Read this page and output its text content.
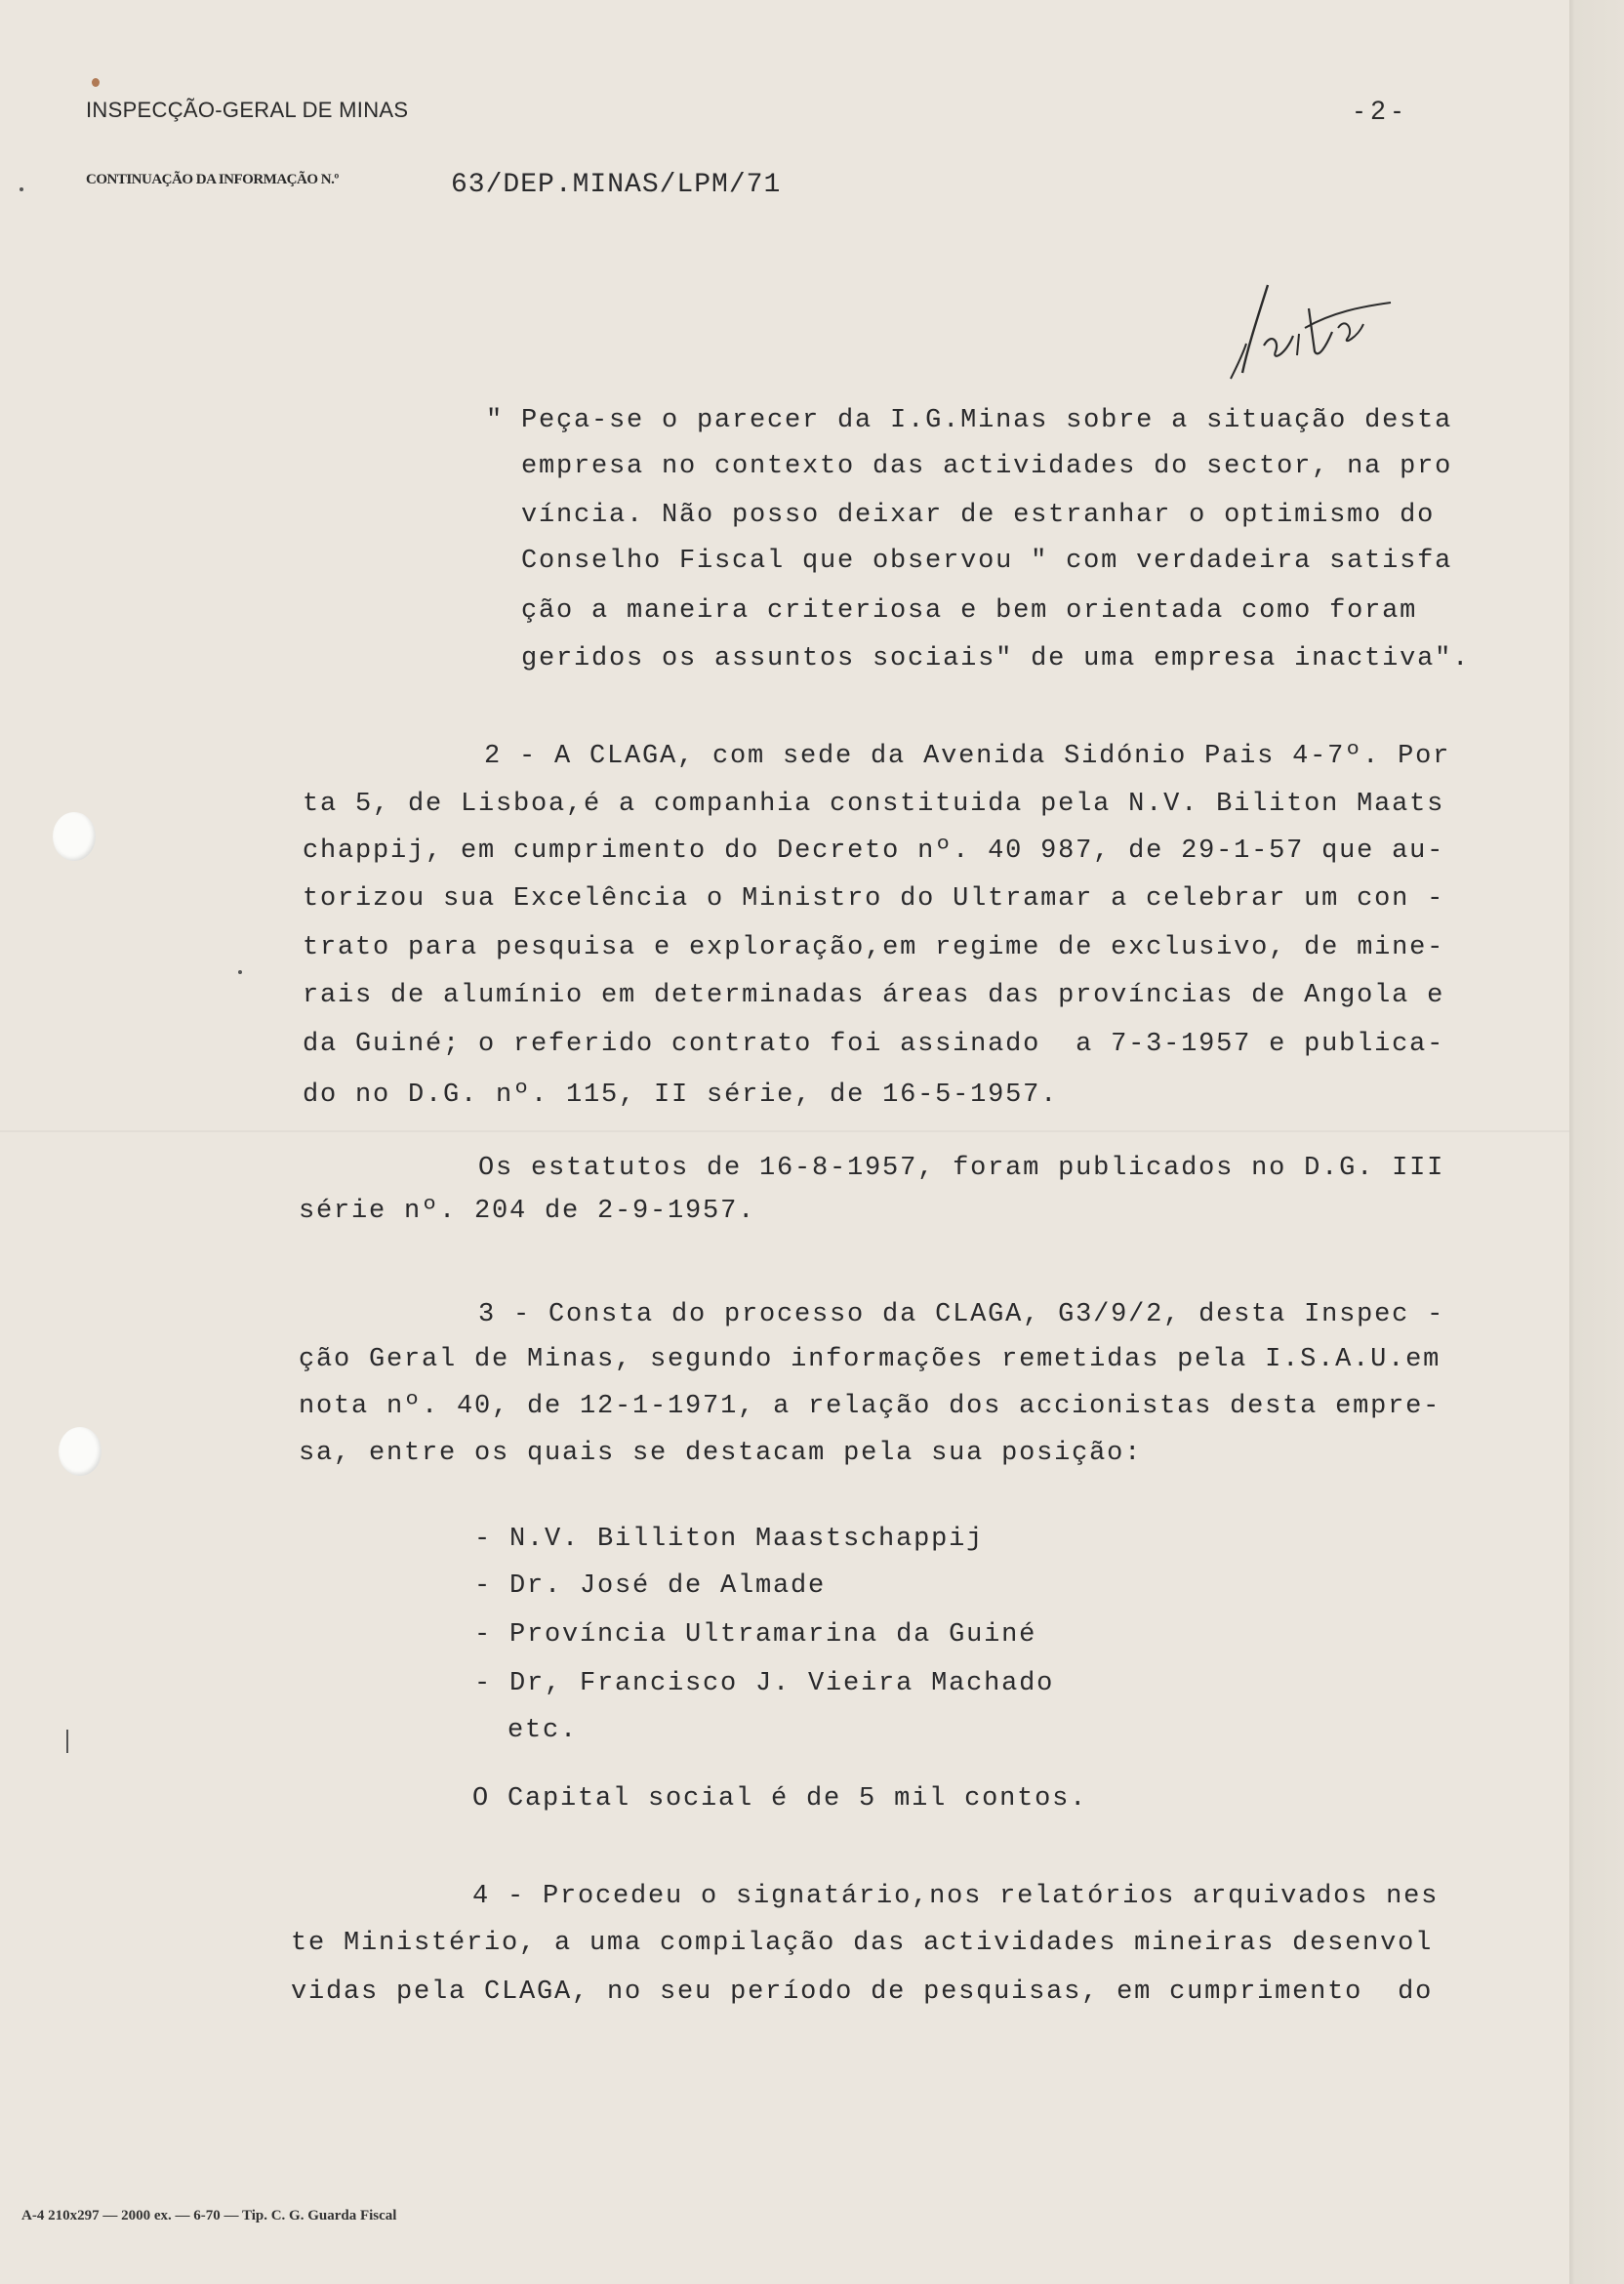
INSPECÇÃO-GERAL DE MINAS	- 2 -
CONTINUAÇÃO DA INFORMAÇÃO N.º	63/DEP.MINAS/LPM/71
" Peça-se o parecer da I.G.Minas sobre a situação desta
empresa no contexto das actividades do sector, na pro
víncia. Não posso deixar de estranhar o optimismo do
Conselho Fiscal que observou " com verdadeira satisfa
ção a maneira criteriosa e bem orientada como foram
geridos os assuntos sociais" de uma empresa inactiva".
2 - A CLAGA, com sede da Avenida Sidónio Pais 4-7º. Por
ta 5, de Lisboa,é a companhia constituida pela N.V. Biliton Maats
chappij, em cumprimento do Decreto nº. 40 987, de 29-1-57 que au-
torizou sua Excelência o Ministro do Ultramar a celebrar um con -
trato para pesquisa e exploração,em regime de exclusivo, de mine-
rais de alumínio em determinadas áreas das províncias de Angola e
da Guiné; o referido contrato foi assinado  a 7-3-1957 e publica-
do no D.G. nº. 115, II série, de 16-5-1957.
Os estatutos de 16-8-1957, foram publicados no D.G. III
série nº. 204 de 2-9-1957.
3 - Consta do processo da CLAGA, G3/9/2, desta Inspec -
ção Geral de Minas, segundo informações remetidas pela I.S.A.U.em
nota nº. 40, de 12-1-1971, a relação dos accionistas desta empre-
sa, entre os quais se destacam pela sua posição:
- N.V. Billiton Maastschappij
- Dr. José de Almade
- Província Ultramarina da Guiné
- Dr, Francisco J. Vieira Machado
etc.
O Capital social é de 5 mil contos.
4 - Procedeu o signatário,nos relatórios arquivados nes
te Ministério, a uma compilação das actividades mineiras desenvol
vidas pela CLAGA, no seu período de pesquisas, em cumprimento  do
A-4 210x297 — 2000 ex. — 6-70 — Tip. C. G. Guarda Fiscal
